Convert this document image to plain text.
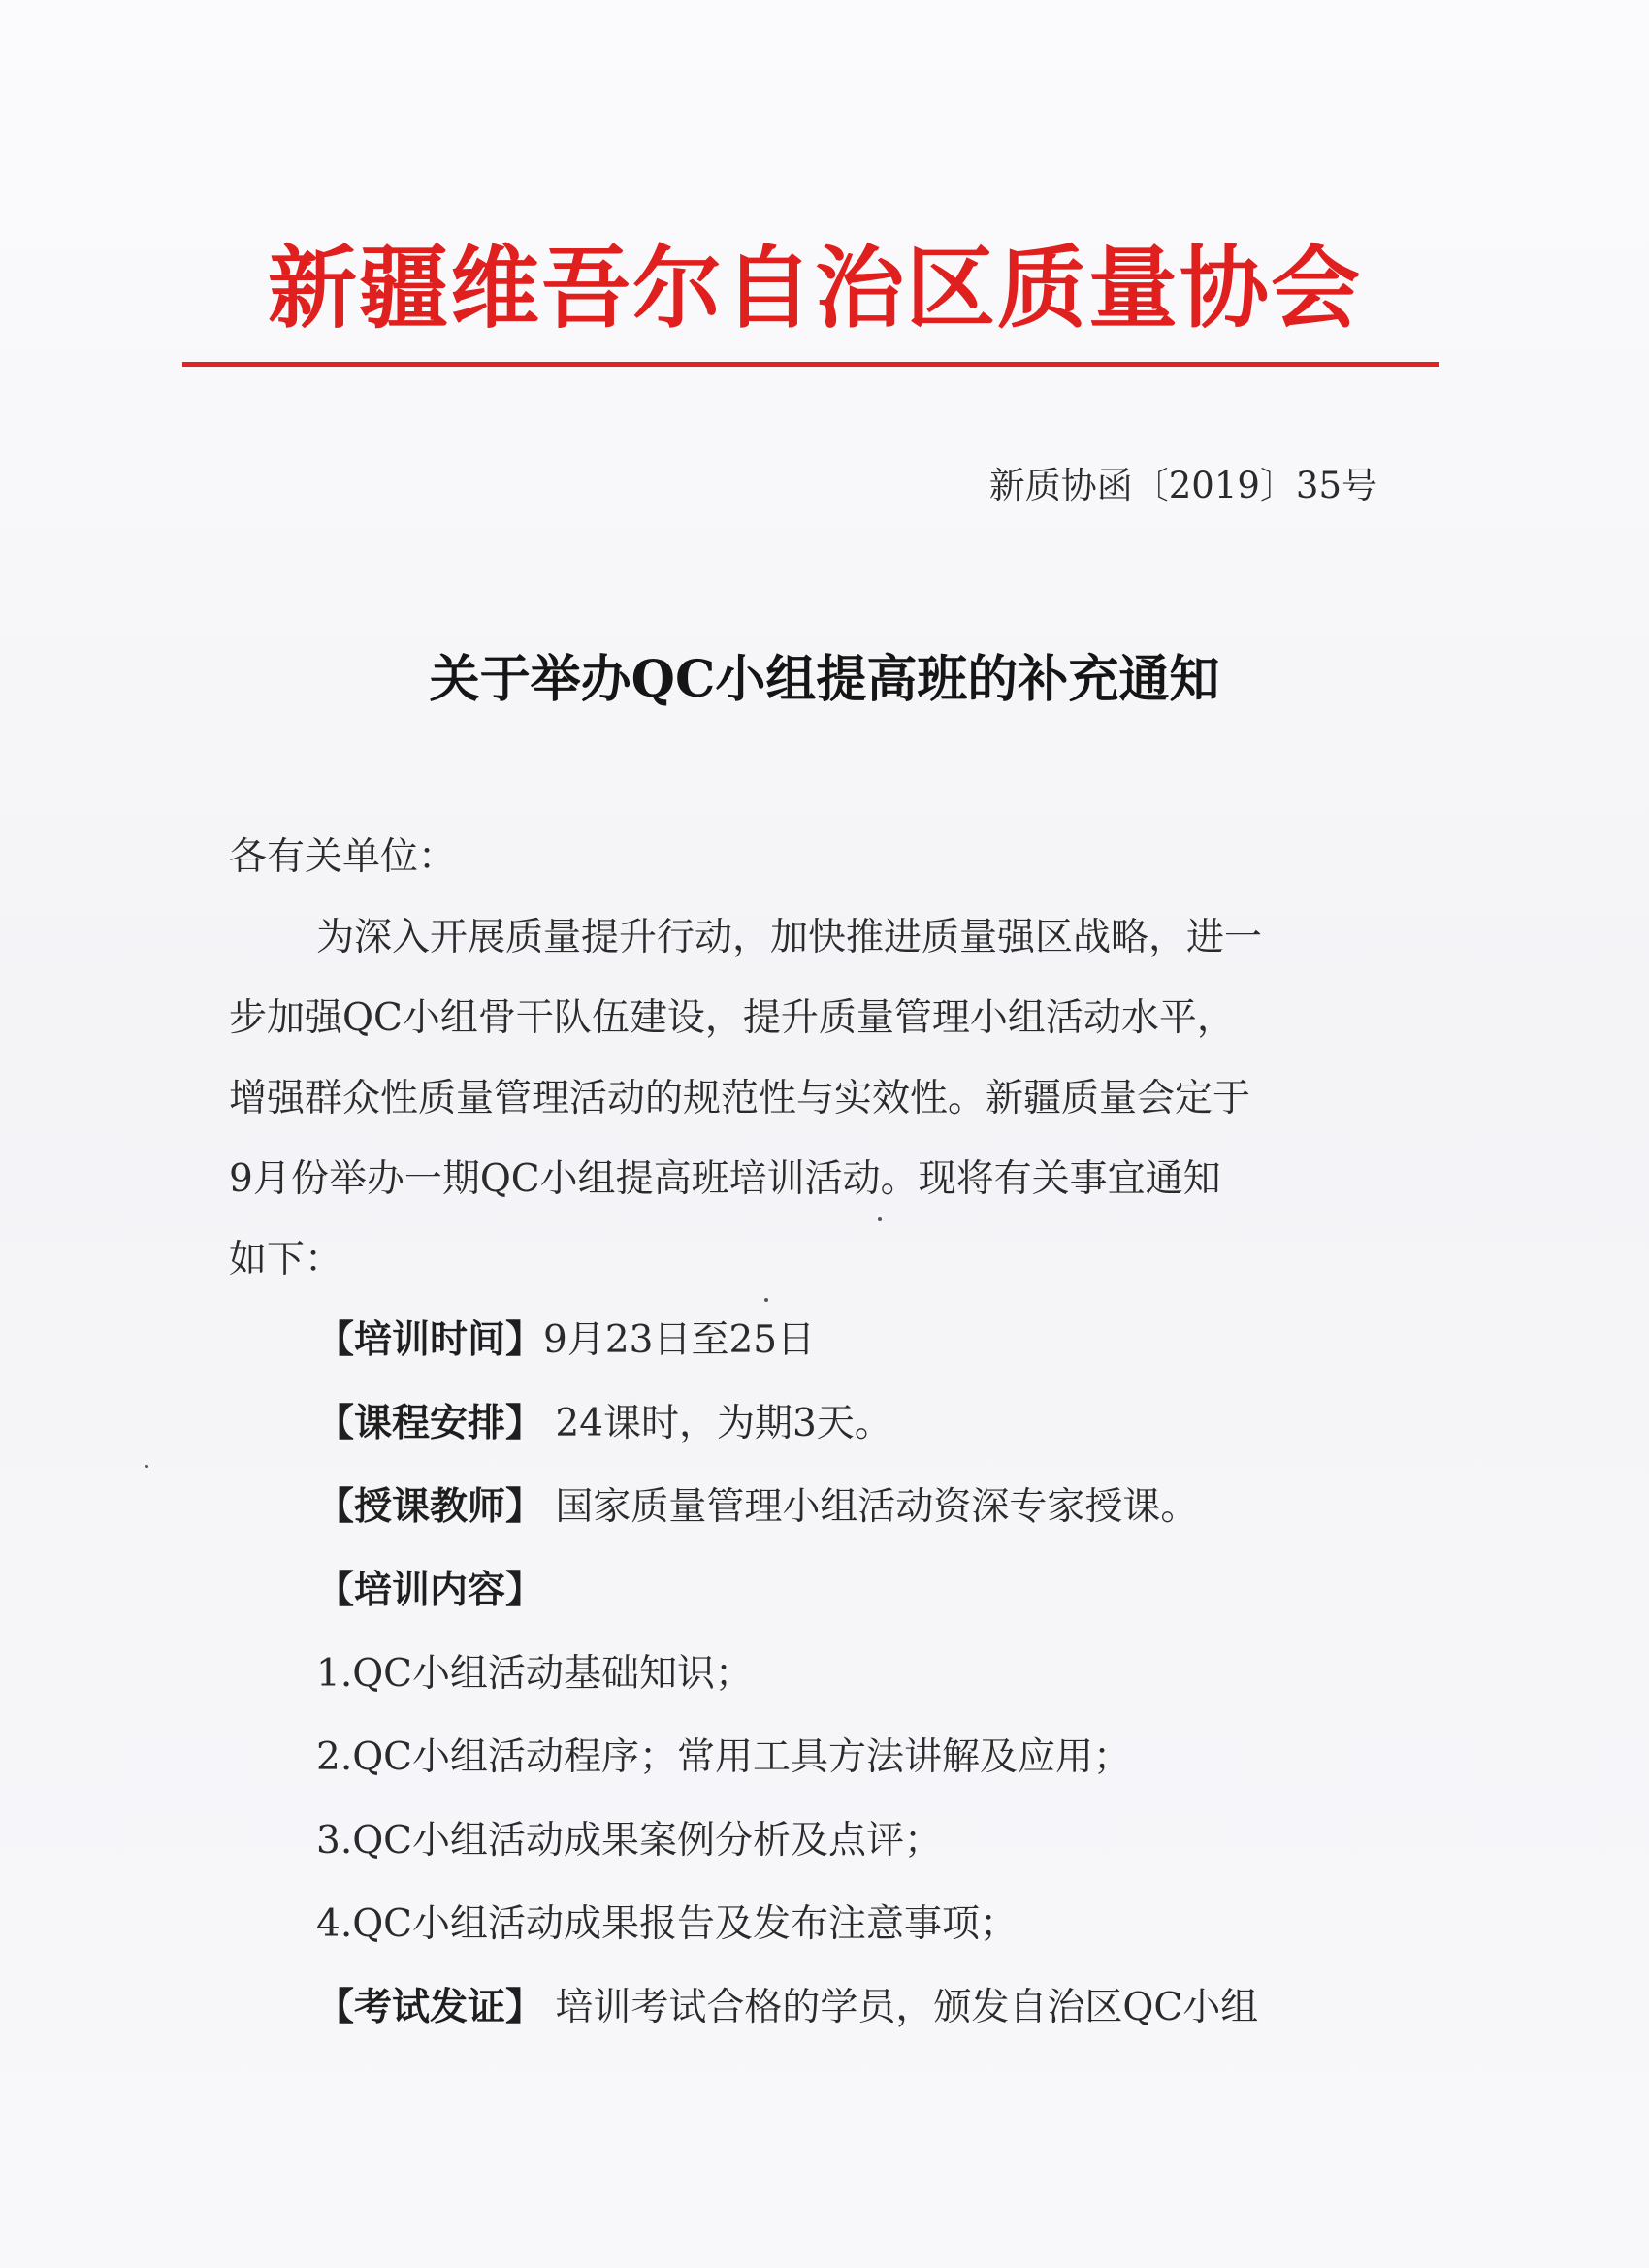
新疆维吾尔自治区质量协会
新质协函〔2019〕35号
关于举办QC小组提高班的补充通知
各有关单位：
为深入开展质量提升行动，加快推进质量强区战略，进一
步加强QC小组骨干队伍建设，提升质量管理小组活动水平，
增强群众性质量管理活动的规范性与实效性。新疆质量会定于
9月份举办一期QC小组提高班培训活动。现将有关事宜通知
如下：
【培训时间】9月23日至25日
【课程安排】 24课时，为期3天。
【授课教师】 国家质量管理小组活动资深专家授课。
【培训内容】
1.QC小组活动基础知识；
2.QC小组活动程序；常用工具方法讲解及应用；
3.QC小组活动成果案例分析及点评；
4.QC小组活动成果报告及发布注意事项；
【考试发证】 培训考试合格的学员，颁发自治区QC小组
